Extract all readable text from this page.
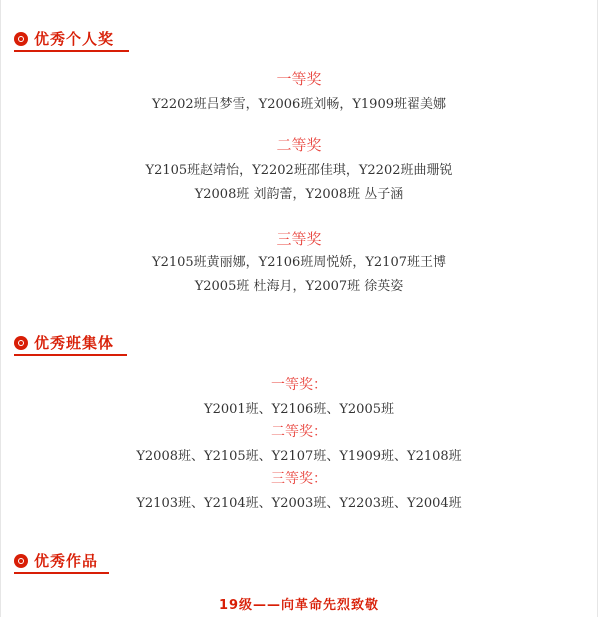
优秀个人奖
一等奖
Y2202班吕梦雪，Y2006班刘畅，Y1909班翟美娜
二等奖
Y2105班赵靖怡，Y2202班邵佳琪，Y2202班曲珊锐
Y2008班 刘韵蕾，Y2008班 丛子涵
三等奖
Y2105班黄丽娜，Y2106班周悦娇，Y2107班王博
Y2005班 杜海月，Y2007班 徐英姿
优秀班集体
一等奖：
Y2001班、Y2106班、Y2005班
二等奖：
Y2008班、Y2105班、Y2107班、Y1909班、Y2108班
三等奖：
Y2103班、Y2104班、Y2003班、Y2203班、Y2004班
优秀作品
19级——向革命先烈致敬
